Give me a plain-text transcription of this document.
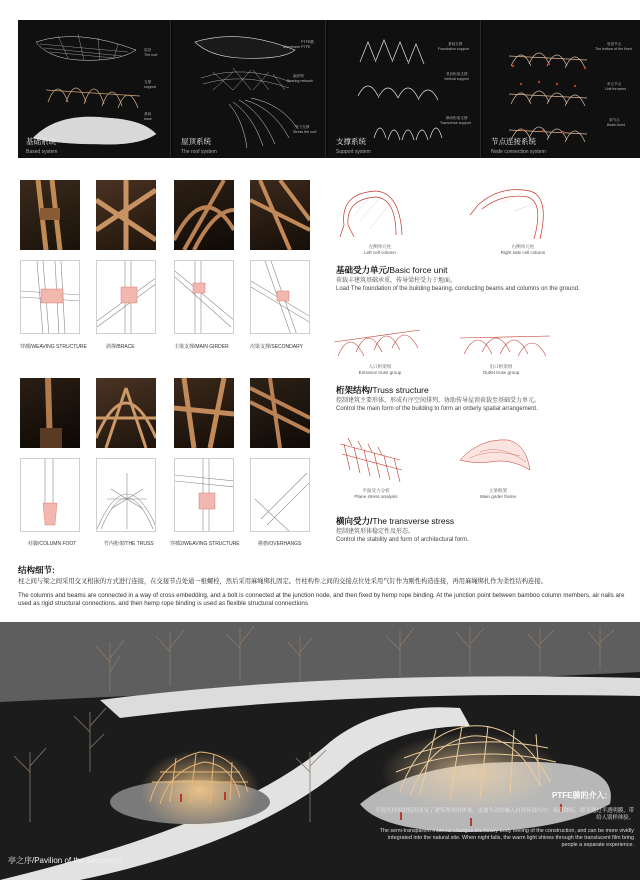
屋顶
The roof
支撑
support
基础
base
基础系统
Based system
PTFE膜
Membrane PTFE
编织网
Bearing network
受力支撑
Stress the roof
屋顶系统
The roof system
基础支撑
Foundation support
竖向桁架支撑
Vertical support
横向桁架支撑
Transverse support
支撑系统
Support system
底部节点
The bottom of the fixed
单元节点
Unit throwers
梁节点
Beam fixed
节点连接系统
Node connection system
穿插/WEAVING STRUCTURE	斜撑/BRACE	主梁支撑/MAIN GIRDER	次梁支撑/SECONDARY
柱脚/COLUMN FOOT	竹内桁架/THE TRUSS	穿插2/WEAVING STRUCTURE	挑檐/OVERHANGS
左侧单元柱
Left cell column
右侧单元柱
Right side cell column
基础受力单元/Basic force unit
荷载丰建筑基础承重，传导梁柱受力于地面。
Load The foundation of the building bearing, conducting beams and columns on the ground.
入口桁架组
Entrance truss group
出口桁架组
Outlet truss group
桁架结构/Truss structure
控制建筑主要形体，形成有序空间排列，协助传导屋顶荷载至基础受力单元。
Control the main form of the building to form an orderly spatial arrangement.
平面受力分析
Plane stress analysis
主梁框架
Main girder frame
横向受力/The transverse stress
控制建筑形体稳定性及形态。
Control the stability and form of architectural form.
结构细节:
柱之间与梁之间采用交叉相嵌的方式进行连接，在交接节点处通一根螺栓，然后采用麻绳绑扎固定。竹柱构件之间的交接点位处采用气钉作为刚性构造连接，再用麻绳绑扎作为柔性结构连接。
The columns and beams are connected in a way of cross embedding, and a bolt is connected at the junction node, and then fixed by hemp rope binding. At the junction point between bamboo column members, air nails are used as rigid structural connections, and then hemp rope binding is used as flexible structural connections
亭之序/Pavilion of the sequence
PTFE膜的介入:
半透光材质的使用改变了建筑厚重的体量，更加生动的融入自然环境当中，夜幕降临，暖光透过半透明膜，带给人别样体验。
The semi-transparent material changes the heavy body feeling of the construction, and can be more vividly integrated into the natural site. When night falls, the warm light shines through the translucent film bring people a separate experience.
